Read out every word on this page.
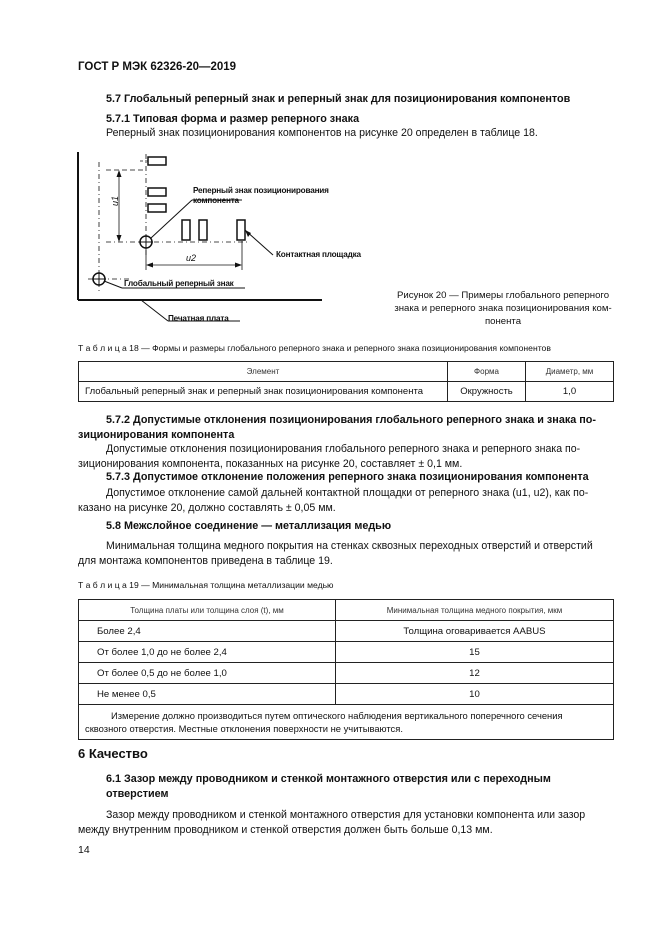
ГОСТ Р МЭК 62326-20—2019
5.7 Глобальный реперный знак и реперный знак для позиционирования компонентов
5.7.1 Типовая форма и размер реперного знака
Реперный знак позиционирования компонентов на рисунке 20 определен в таблице 18.
Реперный знак позиционирования
компонента
Контактная площадка
Глобальный реперный знак
Печатная плата
u1
u2
Рисунок 20 — Примеры глобального реперного
знака и реперного знака позиционирования ком-
понента
Т а б л и ц а 18 — Формы и размеры глобального реперного знака и реперного знака позиционирования компонентов
Элемент	Форма	Диаметр, мм
Глобальный реперный знак и реперный знак позиционирования компонента	Окружность	1,0
5.7.2 Допустимые отклонения позиционирования глобального реперного знака и знака по-
зиционирования компонента
Допустимые отклонения позиционирования глобального реперного знака и реперного знака по-
зиционирования компонента, показанных на рисунке 20, составляет ± 0,1 мм.
5.7.3 Допустимое отклонение положения реперного знака позиционирования компонента
Допустимое отклонение самой дальней контактной площадки от реперного знака (u1, u2), как по-
казано на рисунке 20, должно составлять ± 0,05 мм.
5.8 Межслойное соединение — металлизация медью
Минимальная толщина медного покрытия на стенках сквозных переходных отверстий и отверстий
для монтажа компонентов приведена в таблице 19.
Т а б л и ц а 19 — Минимальная толщина металлизации медью
Толщина платы или толщина слоя (t), мм	Минимальная толщина медного покрытия, мкм
Более 2,4	Толщина оговаривается AABUS
От более 1,0 до не более 2,4	15
От более 0,5 до не более 1,0	12
Не менее 0,5	10

Измерение должно производиться путем оптического наблюдения вертикального поперечного сечения
сквозного отверстия. Местные отклонения поверхности не учитываются.	
6 Качество
6.1 Зазор между проводником и стенкой монтажного отверстия или с переходным
отверстием
Зазор между проводником и стенкой монтажного отверстия для установки компонента или зазор
между внутренним проводником и стенкой отверстия должен быть больше 0,13 мм.
14
